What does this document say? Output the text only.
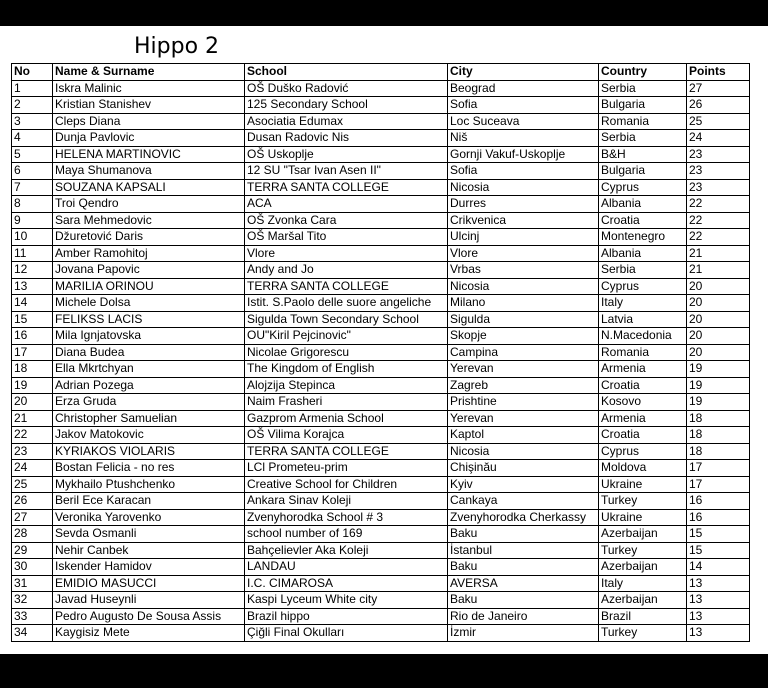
Hippo 2
No	Name & Surname	School	City	Country	Points
1	Iskra Malinic	OŠ Duško Radović	Beograd	Serbia	27
2	Kristian Stanishev	125 Secondary School	Sofia	Bulgaria	26
3	Cleps Diana	Asociatia Edumax	Loc Suceava	Romania	25
4	Dunja Pavlovic	Dusan Radovic Nis	Niš	Serbia	24
5	HELENA MARTINOVIC	OŠ Uskoplje	Gornji Vakuf-Uskoplje	B&H	23
6	Maya Shumanova	12 SU "Tsar Ivan Asen II"	Sofia	Bulgaria	23
7	SOUZANA KAPSALI	TERRA SANTA COLLEGE	Nicosia	Cyprus	23
8	Troi Qendro	ACA	Durres	Albania	22
9	Sara Mehmedovic	OŠ Zvonka Cara	Crikvenica	Croatia	22
10	Džuretović Daris	OŠ Maršal Tito	Ulcinj	Montenegro	22
11	Amber Ramohitoj	Vlore	Vlore	Albania	21
12	Jovana Papovic	Andy and Jo	Vrbas	Serbia	21
13	MARILIA ORINOU	TERRA SANTA COLLEGE	Nicosia	Cyprus	20
14	Michele Dolsa	Istit. S.Paolo delle suore angeliche	Milano	Italy	20
15	FELIKSS LACIS	Sigulda Town Secondary School	Sigulda	Latvia	20
16	Mila Ignjatovska	OU"Kiril Pejcinovic"	Skopje	N.Macedonia	20
17	Diana Budea	Nicolae Grigorescu	Campina	Romania	20
18	Ella Mkrtchyan	The Kingdom of English	Yerevan	Armenia	19
19	Adrian Pozega	Alojzija Stepinca	Zagreb	Croatia	19
20	Erza Gruda	Naim Frasheri	Prishtine	Kosovo	19
21	Christopher Samuelian	Gazprom Armenia School	Yerevan	Armenia	18
22	Jakov Matokovic	OŠ Vilima Korajca	Kaptol	Croatia	18
23	KYRIAKOS VIOLARIS	TERRA SANTA COLLEGE	Nicosia	Cyprus	18
24	Bostan Felicia - no res	LCl Prometeu-prim	Chişinău	Moldova	17
25	Mykhailo Ptushchenko	Creative School for Children	Kyiv	Ukraine	17
26	Beril Ece Karacan	Ankara Sinav Koleji	Cankaya	Turkey	16
27	Veronika Yarovenko	Zvenyhorodka School # 3	Zvenyhorodka Cherkassy	Ukraine	16
28	Sevda Osmanli	school number of 169	Baku	Azerbaijan	15
29	Nehir Canbek	Bahçelievler Aka Koleji	İstanbul	Turkey	15
30	Iskender Hamidov	LANDAU	Baku	Azerbaijan	14
31	EMIDIO MASUCCI	I.C. CIMAROSA	AVERSA	Italy	13
32	Javad Huseynli	Kaspi Lyceum White city	Baku	Azerbaijan	13
33	Pedro Augusto De Sousa Assis	Brazil hippo	Rio de Janeiro	Brazil	13
34	Kaygisiz Mete	Çiğli Final Okulları	İzmir	Turkey	13
